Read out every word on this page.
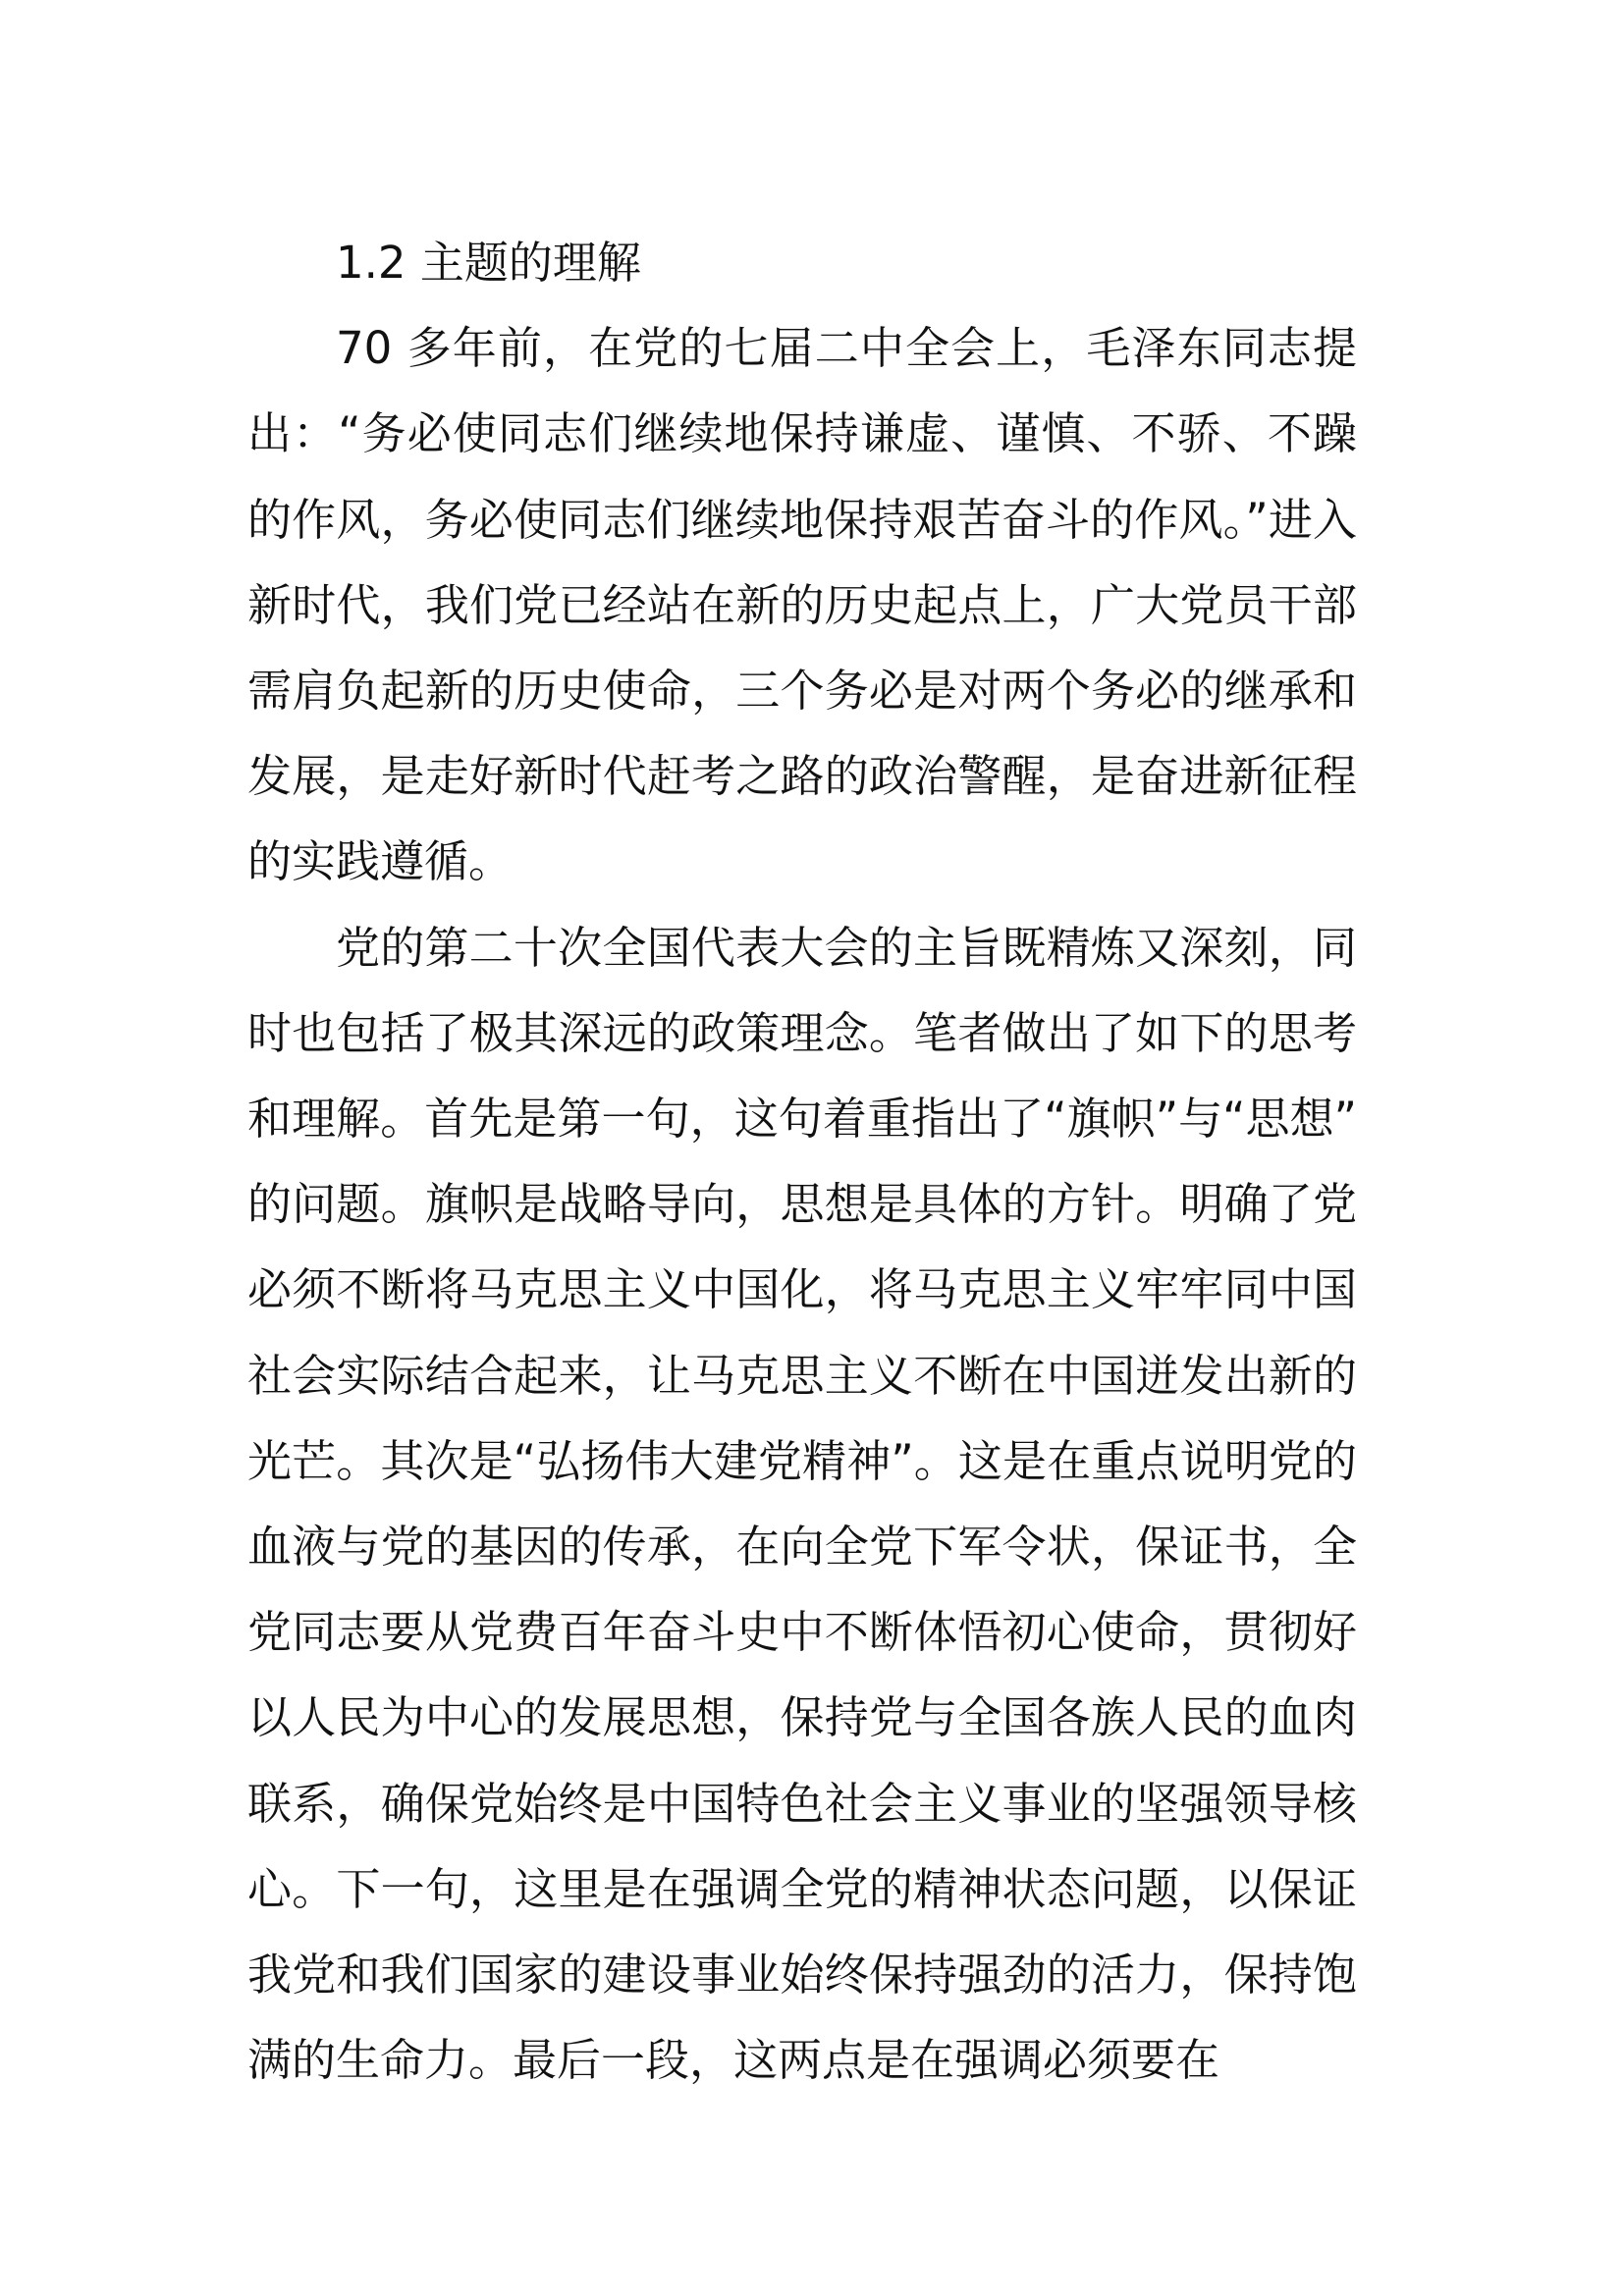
1.2 主题的理解

70 多年前，在党的七届二中全会上，毛泽东同志提出：“务必使同志们继续地保持谦虚、谨慎、不骄、不躁的作风，务必使同志们继续地保持艰苦奋斗的作风。”进入新时代，我们党已经站在新的历史起点上，广大党员干部需肩负起新的历史使命，三个务必是对两个务必的继承和发展，是走好新时代赶考之路的政治警醒，是奋进新征程的实践遵循。

党的第二十次全国代表大会的主旨既精炼又深刻，同时也包括了极其深远的政策理念。笔者做出了如下的思考和理解。首先是第一句，这句着重指出了“旗帜”与“思想”的问题。旗帜是战略导向，思想是具体的方针。明确了党必须不断将马克思主义中国化，将马克思主义牢牢同中国社会实际结合起来，让马克思主义不断在中国迸发出新的光芒。其次是“弘扬伟大建党精神”。这是在重点说明党的血液与党的基因的传承，在向全党下军令状，保证书，全党同志要从党费百年奋斗史中不断体悟初心使命，贯彻好以人民为中心的发展思想，保持党与全国各族人民的血肉联系，确保党始终是中国特色社会主义事业的坚强领导核心。下一句，这里是在强调全党的精神状态问题，以保证我党和我们国家的建设事业始终保持强劲的活力，保持饱满的生命力。最后一段，这两点是在强调必须要在
